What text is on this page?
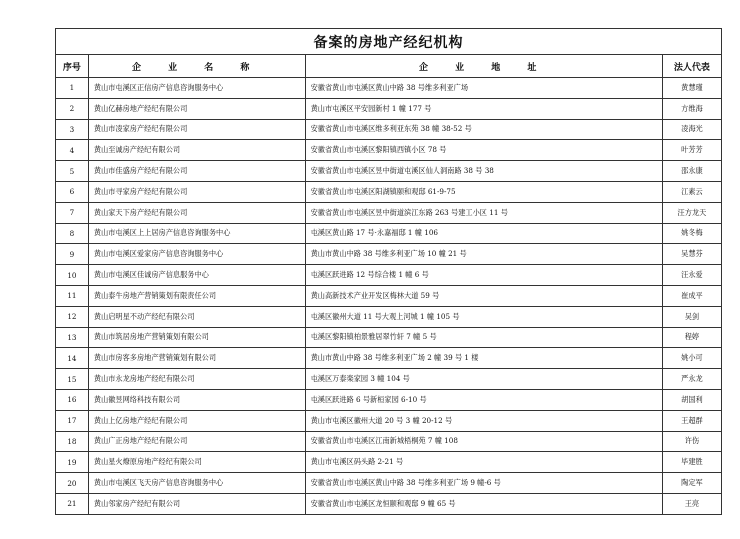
备案的房地产经纪机构			
序号	企 业 名 称	企 业 地 址	法人代表
1	黄山市屯溪区正信房产信息咨询服务中心	安徽省黄山市屯溪区黄山中路 38 号维多利亚广场	黄慧瑾
2	黄山亿赫房地产经纪有限公司	黄山市屯溪区平安园新村 1 幢 177 号	方维海
3	黄山市凌家房产经纪有限公司	安徽省黄山市屯溪区维多利亚东苑 38 幢 38-52 号	凌海光
4	黄山至诚房产经纪有限公司	安徽省黄山市屯溪区黎阳镇西镇小区 78 号	叶芳芳
5	黄山市佳盛房产经纪有限公司	安徽省黄山市屯溪区昱中街道屯溪区仙人洞南路 38 号 38	邵永康
6	黄山市寻家房产经纪有限公司	安徽省黄山市屯溪区阳湖镇颐和观邸 61-9-75	江素云
7	黄山家天下房产经纪有限公司	安徽省黄山市屯溪区昱中街道滨江东路 263 号建工小区 11 号	汪方龙天
8	黄山市屯溪区上上居房产信息咨询服务中心	屯溪区黄山路 17 号·永嘉福邸 1 幢 106	姚冬梅
9	黄山市屯溪区爱家房产信息咨询服务中心	黄山市黄山中路 38 号维多利亚广场 10 幢 21 号	吴慧芬
10	黄山市屯溪区佳诚房产信息服务中心	屯溪区跃进路 12 号综合楼 1 幢 6 号	汪永爱
11	黄山泰牛房地产营销策划有限责任公司	黄山高新技术产业开发区梅林大道 59 号	崔成平
12	黄山启明星不动产经纪有限公司	屯溪区徽州大道 11 号大观上河城 1 幢 105 号	吴剑
13	黄山市筑居房地产营销策划有限公司	屯溪区黎阳镇柏景雅居翠竹轩 7 幢 5 号	程婷
14	黄山市房客多房地产营销策划有限公司	黄山市黄山中路 38 号维多利亚广场 2 幢 39 号 1 楼	姚小可
15	黄山市永龙房地产经纪有限公司	屯溪区万泰楽家园 3 幢 104 号	严永龙
16	黄山徽昱网络科技有限公司	屯溪区跃进路 6 号新桓家园 6-10 号	胡国利
17	黄山上亿房地产经纪有限公司	黄山市屯溪区徽州大道 20 号 3 幢 20-12 号	王超群
18	黄山广正房地产经纪有限公司	安徽省黄山市屯溪区江南新城梧桐苑 7 幢 108	许伤
19	黄山星火燎原房地产经纪有限公司	黄山市屯溪区码头路 2-21 号	毕建胜
20	黄山市屯溪区飞天房产信息咨询服务中心	安徽省黄山市屯溪区黄山中路 38 号维多利亚广场 9 幢-6 号	陶定军
21	黄山邻家房产经纪有限公司	安徽省黄山市屯溪区龙恒颐和观邸 9 幢 65 号	王亮
